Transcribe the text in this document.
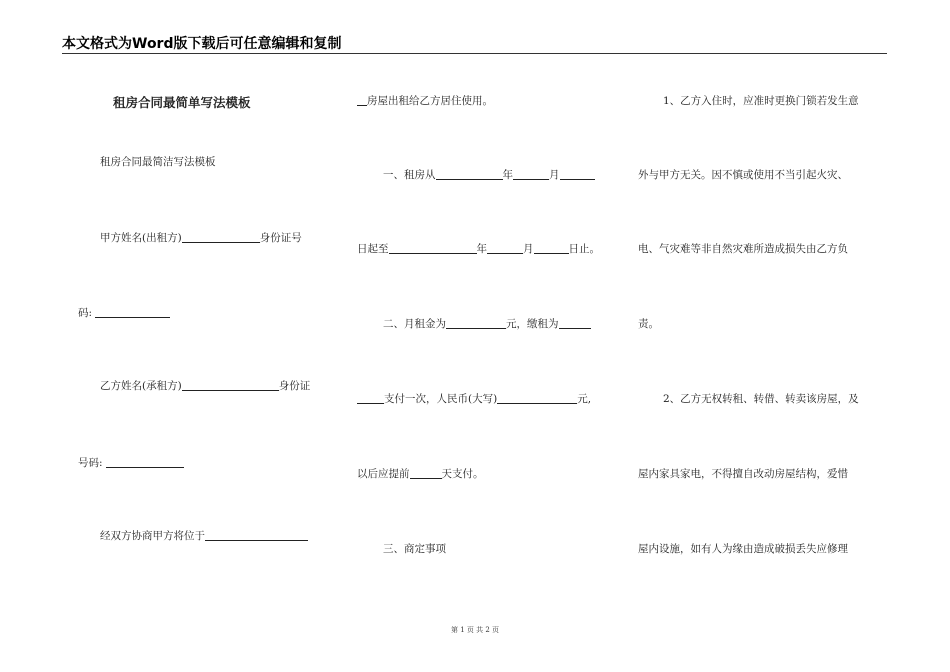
本文格式为Word版下载后可任意编辑和复制
租房合同最简单写法模板
租房合同最简洁写法模板
甲方姓名(出租方)	身份证号
码:
乙方姓名(承租方)	身份证
号码:
经双方协商甲方将位于
房屋出租给乙方居住使用。
一、租房从	年	月
日起至	年	月	日止。
二、月租金为	元，缴租为
支付一次，人民币(大写)	元,
以后应提前	天支付。
三、商定事项
1、乙方入住时，应准时更换门锁若发生意
外与甲方无关。因不慎或使用不当引起火灾、
电、气灾难等非自然灾难所造成损失由乙方负
责。
2、乙方无权转租、转借、转卖该房屋，及
屋内家具家电，不得擅自改动房屋结构，爱惜
屋内设施，如有人为缘由造成破损丢失应修理
第 1 页 共 2 页
